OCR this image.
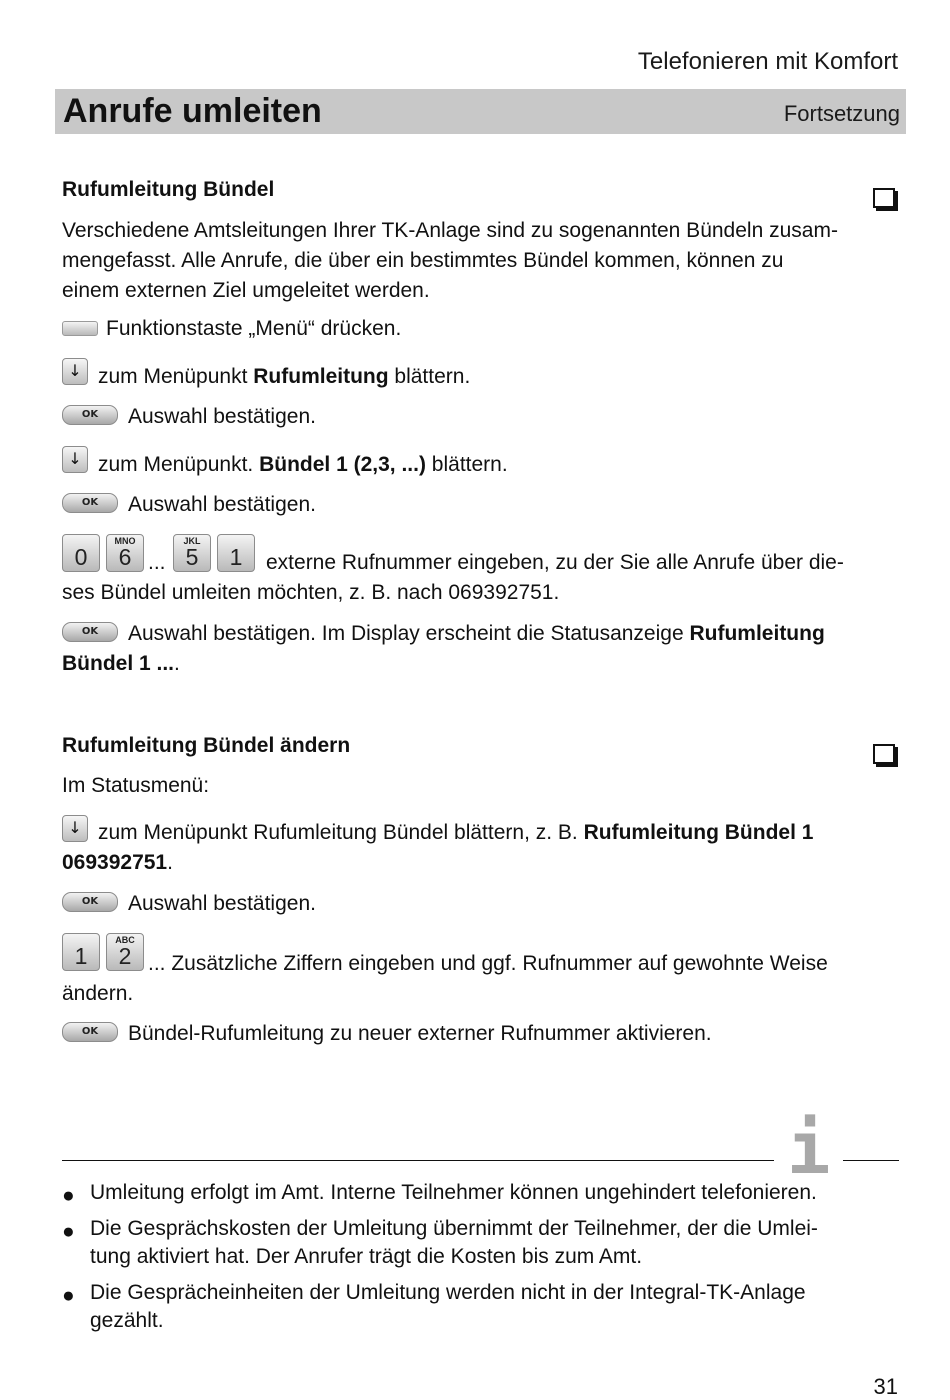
Telefonieren mit Komfort
Anrufe umleiten	Fortsetzung
Rufumleitung Bündel
Verschiedene Amtsleitungen Ihrer TK-Anlage sind zu sogenannten Bündeln zusam-
mengefasst. Alle Anrufe, die über ein bestimmtes Bündel kommen, können zu
einem externen Ziel umgeleitet werden.
Funktionstaste „Menü“ drücken.
↓ zum Menüpunkt Rufumleitung blättern.
OK	Auswahl bestätigen.
↓ zum Menüpunkt. Bündel 1 (2,3, ...) blättern.
OK	Auswahl bestätigen.
0
MNO
6 ...
JKL
5	1	externe Rufnummer eingeben, zu der Sie alle Anrufe über die-
ses Bündel umleiten möchten, z. B. nach 069392751.
OK	Auswahl bestätigen. Im Display erscheint die Statusanzeige Rufumleitung
Bündel 1 ....
Rufumleitung Bündel ändern
Im Statusmenü:
↓ zum Menüpunkt Rufumleitung Bündel blättern, z. B. Rufumleitung Bündel 1
069392751.
OK	Auswahl bestätigen.
1
ABC
2 ... Zusätzliche Ziffern eingeben und ggf. Rufnummer auf gewohnte Weise
ändern.
OK	Bündel-Rufumleitung zu neuer externer Rufnummer aktivieren.
i
● Umleitung erfolgt im Amt. Interne Teilnehmer können ungehindert telefonieren.
● Die Gesprächskosten der Umleitung übernimmt der Teilnehmer, der die Umlei-
tung aktiviert hat. Der Anrufer trägt die Kosten bis zum Amt.
● Die Gesprächeinheiten der Umleitung werden nicht in der Integral-TK-Anlage
gezählt.
31
